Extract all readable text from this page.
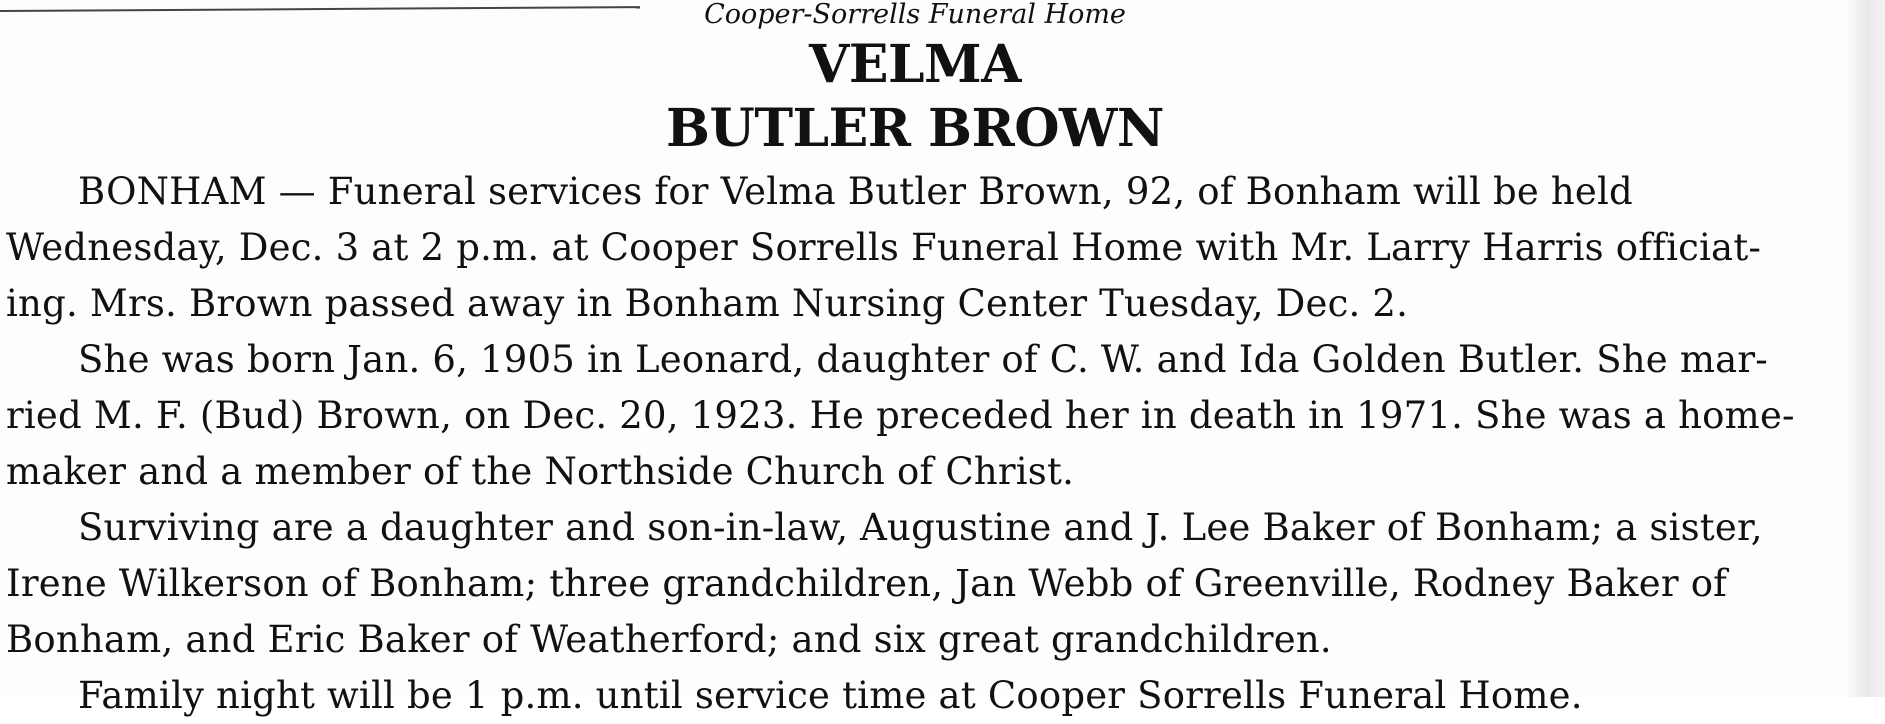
Cooper-Sorrells Funeral Home
VELMA
BUTLER BROWN
BONHAM — Funeral services for Velma Butler Brown, 92, of Bonham will be held
Wednesday, Dec. 3 at 2 p.m. at Cooper Sorrells Funeral Home with Mr. Larry Harris officiat-
ing. Mrs. Brown passed away in Bonham Nursing Center Tuesday, Dec. 2.
She was born Jan. 6, 1905 in Leonard, daughter of C. W. and Ida Golden Butler. She mar-
ried M. F. (Bud) Brown, on Dec. 20, 1923. He preceded her in death in 1971. She was a home-
maker and a member of the Northside Church of Christ.
Surviving are a daughter and son-in-law, Augustine and J. Lee Baker of Bonham; a sister,
Irene Wilkerson of Bonham; three grandchildren, Jan Webb of Greenville, Rodney Baker of
Bonham, and Eric Baker of Weatherford; and six great grandchildren.
Family night will be 1 p.m. until service time at Cooper Sorrells Funeral Home.
